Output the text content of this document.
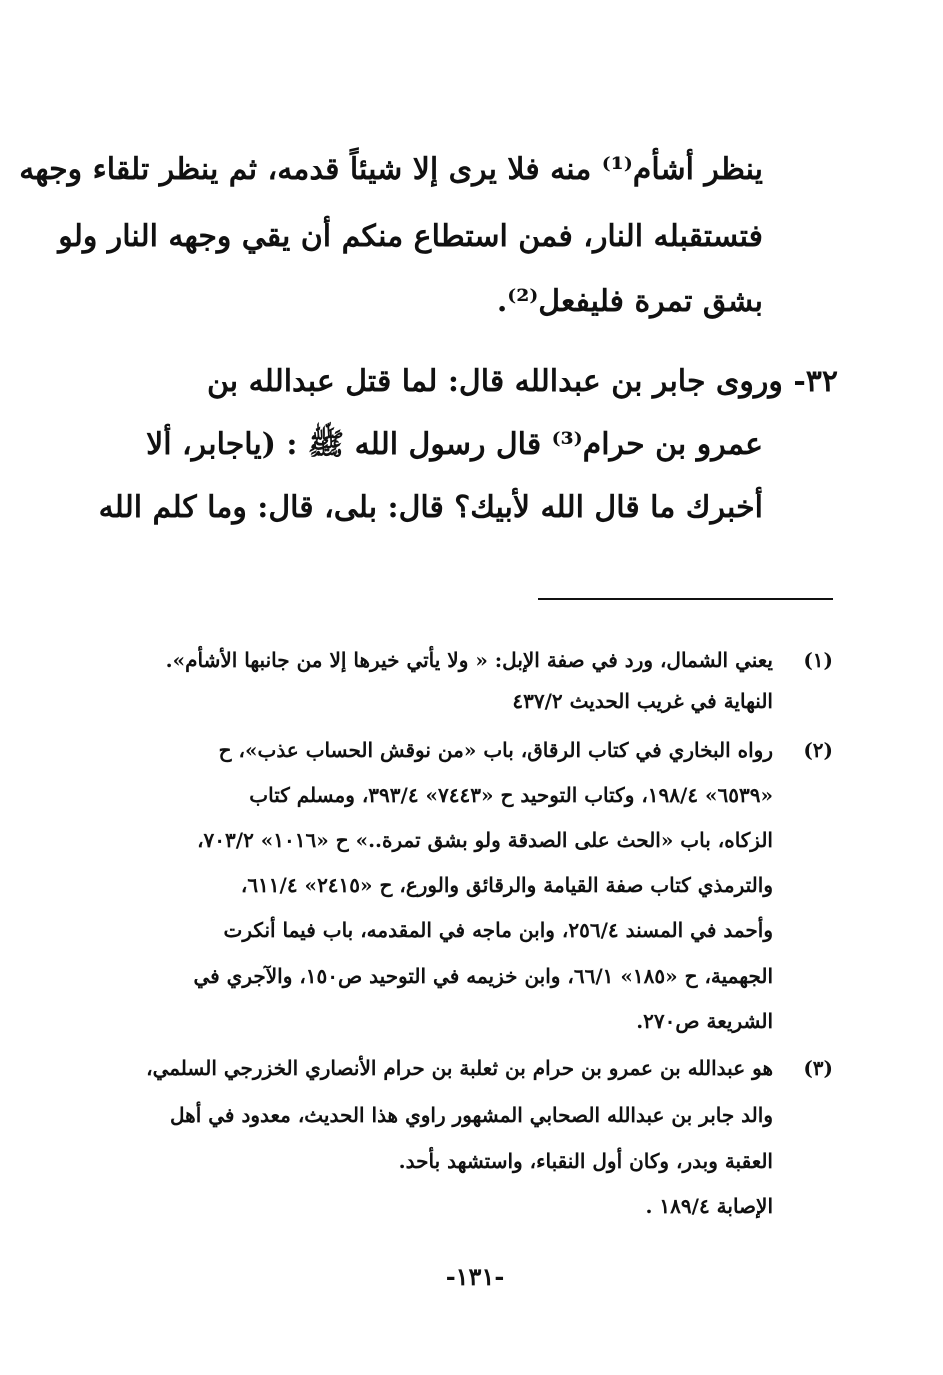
ينظر أشأم⁽¹⁾ منه فلا يرى إلا شيئاً قدمه، ثم ينظر تلقاء وجهه
فتستقبله النار، فمن استطاع منكم أن يقي وجهه النار ولو
بشق تمرة فليفعل⁽²⁾.
٣٢- وروى جابر بن عبدالله قال: لما قتل عبدالله بن
عمرو بن حرام⁽³⁾ قال رسول الله ﷺ : (ياجابر، ألا
أخبرك ما قال الله لأبيك؟ قال: بلى، قال: وما كلم الله
(١)
يعني الشمال، ورد في صفة الإبل: « ولا يأتي خيرها إلا من جانبها الأشأم».
النهاية في غريب الحديث ٤٣٧/٢
(٢)
رواه البخاري في كتاب الرقاق، باب «من نوقش الحساب عذب»، ح
«٦٥٣٩» ١٩٨/٤، وكتاب التوحيد ح «٧٤٤٣» ٣٩٣/٤، ومسلم كتاب
الزكاه، باب «الحث على الصدقة ولو بشق تمرة..» ح «١٠١٦» ٧٠٣/٢،
والترمذي كتاب صفة القيامة والرقائق والورع، ح «٢٤١٥» ٦١١/٤،
وأحمد في المسند ٢٥٦/٤، وابن ماجه في المقدمه، باب فيما أنكرت
الجهمية، ح «١٨٥» ٦٦/١، وابن خزيمه في التوحيد ص١٥٠، والآجري في
الشريعة ص٢٧٠.
(٣)
هو عبدالله بن عمرو بن حرام بن ثعلبة بن حرام الأنصاري الخزرجي السلمي،
والد جابر بن عبدالله الصحابي المشهور راوي هذا الحديث، معدود في أهل
العقبة وبدر، وكان أول النقباء، واستشهد بأحد.
الإصابة ١٨٩/٤ .
-١٣١-
